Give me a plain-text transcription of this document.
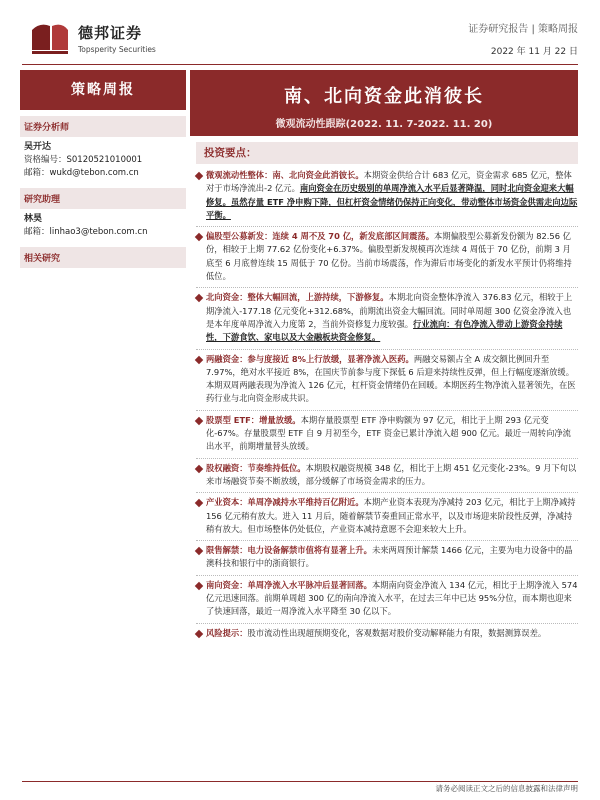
德邦证券
Topsperity Securities
证券研究报告 | 策略周报
2022 年 11 月 22 日
策略周报	南、北向资金此消彼长
微观流动性跟踪(2022. 11. 7-2022. 11. 20)
证券分析师
吴开达
资格编号：S0120521010001
邮箱：wukd@tebon.com.cn
研究助理
林昊
邮箱：linhao3@tebon.com.cn
相关研究
投资要点：
微观流动性整体：南、北向资金此消彼长。本期资金供给合计 683 亿元，资金需求 685 亿元，整体对于市场净流出-2 亿元。南向资金在历史级别的单周净流入水平后显著降温，同时北向资金迎来大幅修复。虽然存量 ETF 净申购下降，但杠杆资金情绪仍保持正向变化，带动整体市场资金供需走向边际平衡。
偏股型公募新发：连续 4 周不及 70 亿，新发底部区间震荡。本期偏股型公募新发份额为 82.56 亿份，相较于上期 77.62 亿份变化+6.37%。偏股型新发规模再次连续 4 周低于 70 亿份，前期 3 月底至 6 月底曾连续 15 周低于 70 亿份。当前市场震荡，作为滞后市场变化的新发水平预计仍将维持低位。
北向资金：整体大幅回流，上游持续，下游修复。本期北向资金整体净流入 376.83 亿元，相较于上期净流入-177.18 亿元变化+312.68%，前期流出资金大幅回流。同时单周超 300 亿资金净流入也是本年度单周净流入力度第 2，当前外资修复力度较强。行业流向：有色净流入带动上游资金持续性，下游食饮、家电以及大金融板块资金修复。
两融资金：参与度接近 8%上行放缓，显著净流入医药。两融交易额占全 A 成交额比例回升至 7.97%，绝对水平接近 8%，在国庆节前参与度下探低 6 后迎来持续性反弹，但上行幅度逐渐放缓。本期双周两融表现为净流入 126 亿元，杠杆资金情绪仍在回暖。本期医药生物净流入显著领先，在医药行业与北向资金形成共识。
股票型 ETF：增量放缓。本期存量股票型 ETF 净申购额为 97 亿元，相比于上期 293 亿元变化-67%。存量股票型 ETF 自 9 月初至今，ETF 资金已累计净流入超 900 亿元。最近一周转向净流出水平，前期增量替头放缓。
股权融资：节奏维持低位。本期股权融资规模 348 亿，相比于上期 451 亿元变化-23%。9 月下旬以来市场融资节奏不断放缓，部分缓解了市场资金需求的压力。
产业资本：单周净减持水平维持百亿附近。本期产业资本表现为净减持 203 亿元，相比于上期净减持 156 亿元稍有放大。进入 11 月后，随着解禁节奏重回正常水平，以及市场迎来阶段性反弹，净减持稍有放大。但市场整体仍处低位，产业资本减持意愿不会迎来较大上升。
限售解禁：电力设备解禁市值将有显著上升。未来两周预计解禁 1466 亿元，主要为电力设备中的晶澳科技和银行中的浙商银行。
南向资金：单周净流入水平脉冲后显著回落。本期南向资金净流入 134 亿元，相比于上期净流入 574 亿元迅速回落。前期单周超 300 亿的南向净流入水平，在过去三年中已达 95%分位，而本期也迎来了快速回落，最近一周净流入水平降至 30 亿以下。
风险提示：股市流动性出现超预期变化，客观数据对股价变动解释能力有限，数据测算误差。
请务必阅读正文之后的信息披露和法律声明
